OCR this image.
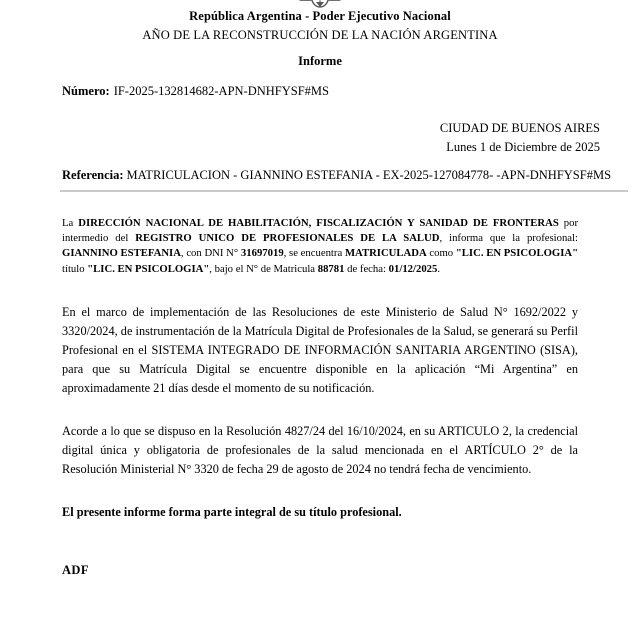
República Argentina - Poder Ejecutivo Nacional
AÑO DE LA RECONSTRUCCIÓN DE LA NACIÓN ARGENTINA
Informe
Número: IF-2025-132814682-APN-DNHFYSF#MS
CIUDAD DE BUENOS AIRES
Lunes 1 de Diciembre de 2025
Referencia: MATRICULACION - GIANNINO ESTEFANIA - EX-2025-127084778- -APN-DNHFYSF#MS

La DIRECCIÓN NACIONAL DE HABILITACIÓN, FISCALIZACIÓN Y SANIDAD DE FRONTERAS por intermedio del REGISTRO UNICO DE PROFESIONALES DE LA SALUD, informa que la profesional: GIANNINO ESTEFANIA, con DNI N° 31697019, se encuentra MATRICULADA como "LIC. EN PSICOLOGIA" título "LIC. EN PSICOLOGIA", bajo el N° de Matricula 88781 de fecha: 01/12/2025.

En el marco de implementación de las Resoluciones de este Ministerio de Salud N° 1692/2022 y 3320/2024, de instrumentación de la Matrícula Digital de Profesionales de la Salud, se generará su Perfil Profesional en el SISTEMA INTEGRADO DE INFORMACIÓN SANITARIA ARGENTINO (SISA), para que su Matrícula Digital se encuentre disponible en la aplicación “Mi Argentina” en aproximadamente 21 días desde el momento de su notificación.

Acorde a lo que se dispuso en la Resolución 4827/24 del 16/10/2024, en su ARTICULO 2, la credencial digital única y obligatoria de profesionales de la salud mencionada en el ARTÍCULO 2° de la Resolución Ministerial N° 3320 de fecha 29 de agosto de 2024 no tendrá fecha de vencimiento.

El presente informe forma parte integral de su título profesional.

ADF
